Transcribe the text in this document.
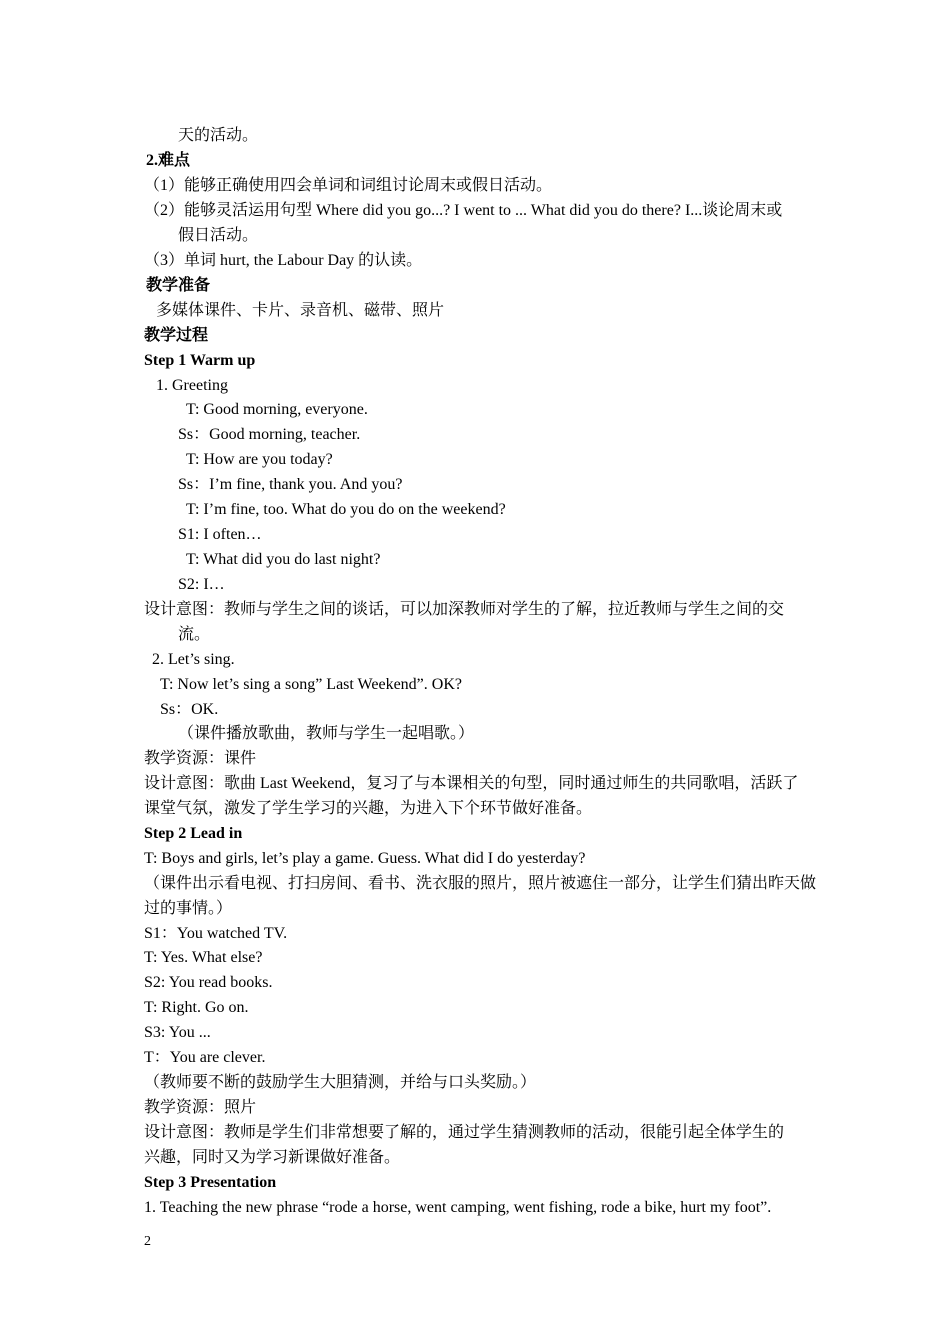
天的活动。
2.难点
（1）能够正确使用四会单词和词组讨论周末或假日活动。
（2）能够灵活运用句型 Where did you go...? I went to ... What did you do there? I...谈论周末或
假日活动。
（3）单词 hurt, the Labour Day 的认读。
教学准备
多媒体课件、卡片、录音机、磁带、照片
教学过程
Step 1 Warm up
1. Greeting
T: Good morning, everyone.
Ss：Good morning, teacher.
T: How are you today?
Ss：I’m fine, thank you. And you?
T: I’m fine, too. What do you do on the weekend?
S1: I often…
T: What did you do last night?
S2: I…
设计意图：教师与学生之间的谈话，可以加深教师对学生的了解，拉近教师与学生之间的交
流。
2. Let’s sing.
T: Now let’s sing a song” Last Weekend”. OK?
Ss：OK.
（课件播放歌曲，教师与学生一起唱歌。）
教学资源：课件
设计意图：歌曲 Last Weekend，复习了与本课相关的句型，同时通过师生的共同歌唱，活跃了
课堂气氛，激发了学生学习的兴趣，为进入下个环节做好准备。
Step 2 Lead in
T: Boys and girls, let’s play a game. Guess. What did I do yesterday?
（课件出示看电视、打扫房间、看书、洗衣服的照片，照片被遮住一部分，让学生们猜出昨天做
过的事情。）
S1：You watched TV.
T: Yes. What else?
S2: You read books.
T: Right. Go on.
S3: You ...
T：You are clever.
（教师要不断的鼓励学生大胆猜测，并给与口头奖励。）
教学资源：照片
设计意图：教师是学生们非常想要了解的，通过学生猜测教师的活动，很能引起全体学生的
兴趣，同时又为学习新课做好准备。
Step 3 Presentation
1. Teaching the new phrase “rode a horse, went camping, went fishing, rode a bike, hurt my foot”.
2
